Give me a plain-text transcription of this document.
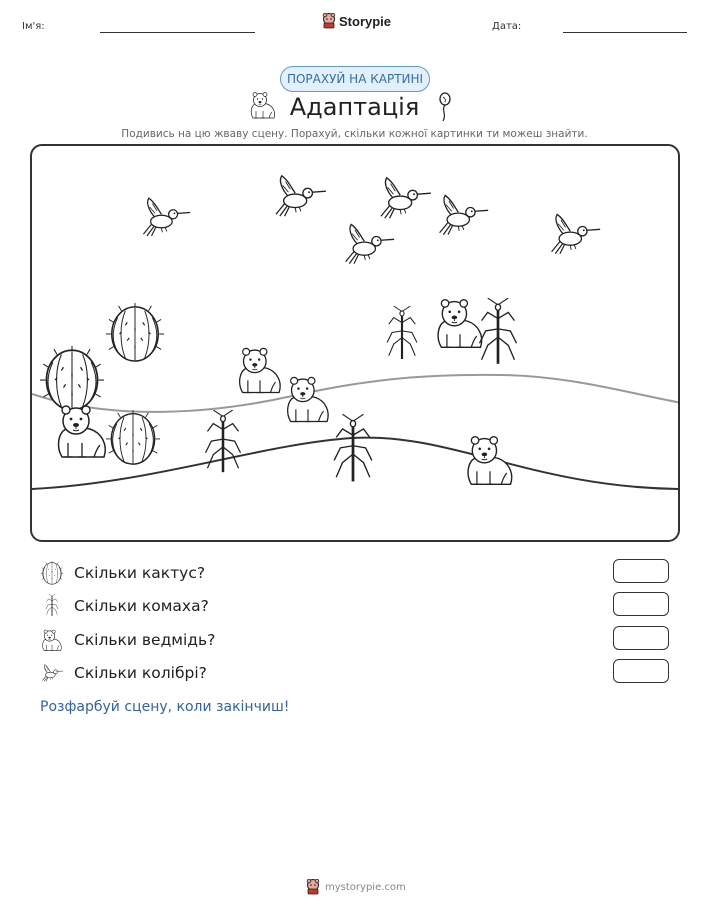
Ім'я:	Storypie	Дата:
ПОРАХУЙ НА КАРТИНІ
Адаптація
Подивись на цю жваву сцену. Порахуй, скільки кожної картинки ти можеш знайти.
Скільки кактус?
Скільки комаха?
Скільки ведмідь?
Скільки колібрі?
Розфарбуй сцену, коли закінчиш!
mystorypie.com
